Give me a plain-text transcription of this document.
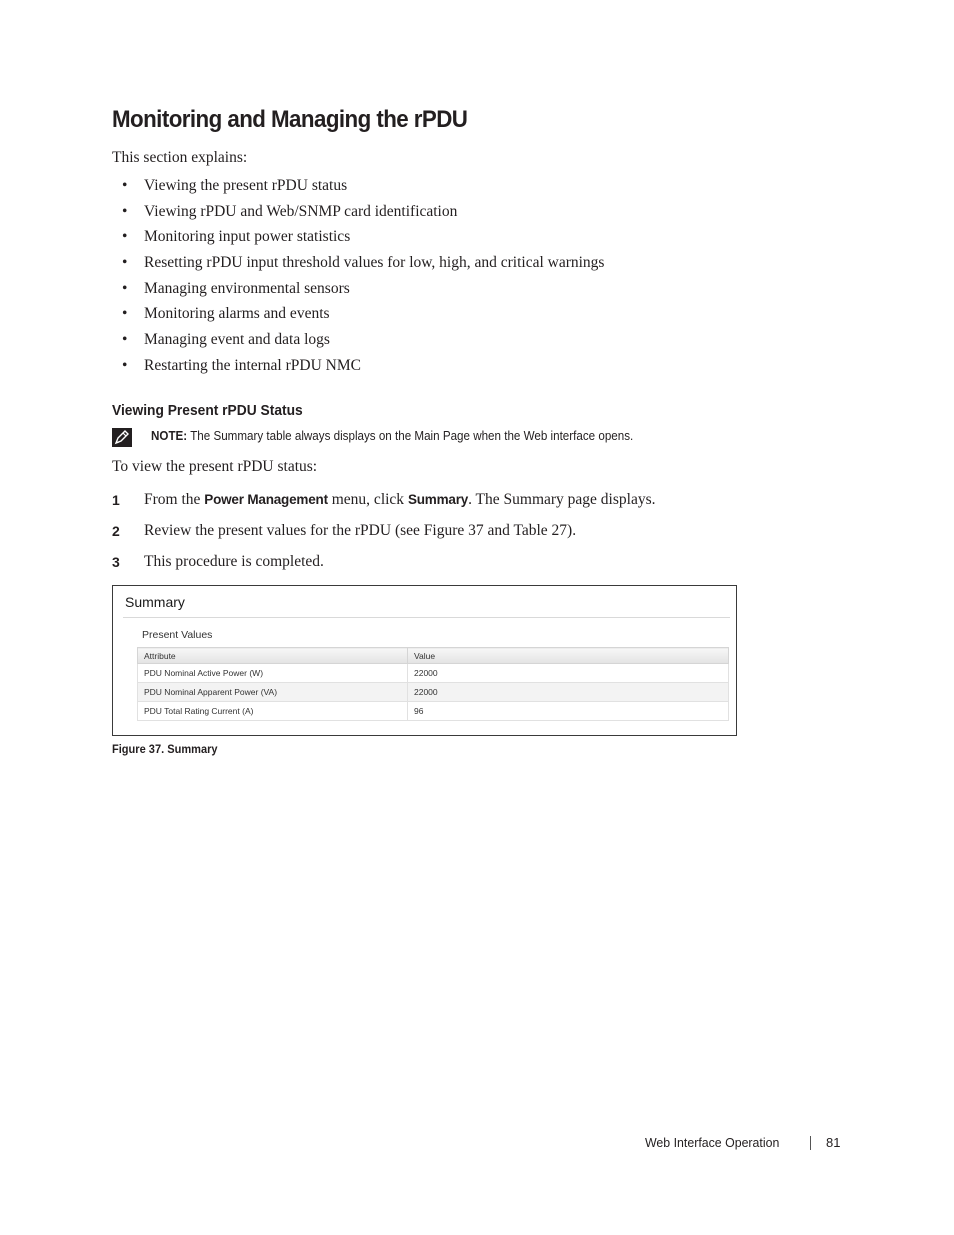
Monitoring and Managing the rPDU

This section explains:

• Viewing the present rPDU status
• Viewing rPDU and Web/SNMP card identification
• Monitoring input power statistics
• Resetting rPDU input threshold values for low, high, and critical warnings
• Managing environmental sensors
• Monitoring alarms and events
• Managing event and data logs
• Restarting the internal rPDU NMC
Viewing Present rPDU Status
NOTE: The Summary table always displays on the Main Page when the Web interface opens.

To view the present rPDU status:

1 From the Power Management menu, click Summary. The Summary page displays.
2 Review the present values for the rPDU (see Figure 37 and Table 27).
3 This procedure is completed.
Summary
Present Values
Attribute	Value
PDU Nominal Active Power (W)	22000
PDU Nominal Apparent Power (VA)	22000
PDU Total Rating Current (A)	96
Figure 37. Summary
Web Interface Operation	81
